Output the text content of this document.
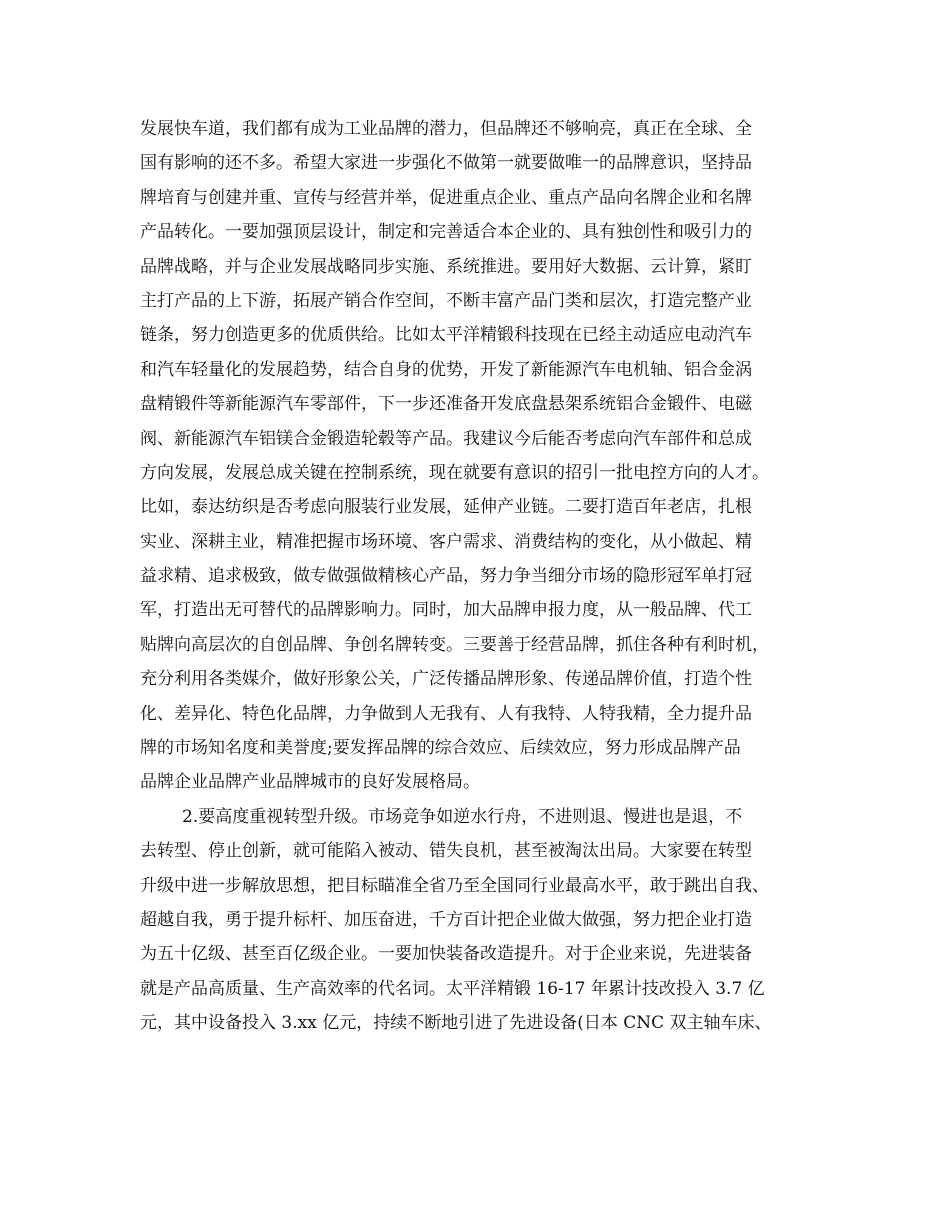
发展快车道，我们都有成为工业品牌的潜力，但品牌还不够响亮，真正在全球、全
国有影响的还不多。希望大家进一步强化不做第一就要做唯一的品牌意识，坚持品
牌培育与创建并重、宣传与经营并举，促进重点企业、重点产品向名牌企业和名牌
产品转化。一要加强顶层设计，制定和完善适合本企业的、具有独创性和吸引力的
品牌战略，并与企业发展战略同步实施、系统推进。要用好大数据、云计算，紧盯
主打产品的上下游，拓展产销合作空间，不断丰富产品门类和层次，打造完整产业
链条，努力创造更多的优质供给。比如太平洋精锻科技现在已经主动适应电动汽车
和汽车轻量化的发展趋势，结合自身的优势，开发了新能源汽车电机轴、铝合金涡
盘精锻件等新能源汽车零部件，下一步还准备开发底盘悬架系统铝合金锻件、电磁
阀、新能源汽车铝镁合金锻造轮毂等产品。我建议今后能否考虑向汽车部件和总成
方向发展，发展总成关键在控制系统，现在就要有意识的招引一批电控方向的人才。
比如，泰达纺织是否考虑向服装行业发展，延伸产业链。二要打造百年老店，扎根
实业、深耕主业，精准把握市场环境、客户需求、消费结构的变化，从小做起、精
益求精、追求极致，做专做强做精核心产品，努力争当细分市场的隐形冠军单打冠
军，打造出无可替代的品牌影响力。同时，加大品牌申报力度，从一般品牌、代工
贴牌向高层次的自创品牌、争创名牌转变。三要善于经营品牌，抓住各种有利时机，
充分利用各类媒介，做好形象公关，广泛传播品牌形象、传递品牌价值，打造个性
化、差异化、特色化品牌，力争做到人无我有、人有我特、人特我精，全力提升品
牌的市场知名度和美誉度;要发挥品牌的综合效应、后续效应，努力形成品牌产品
品牌企业品牌产业品牌城市的良好发展格局。
2.要高度重视转型升级。市场竞争如逆水行舟，不进则退、慢进也是退，不
去转型、停止创新，就可能陷入被动、错失良机，甚至被淘汰出局。大家要在转型
升级中进一步解放思想，把目标瞄准全省乃至全国同行业最高水平，敢于跳出自我、
超越自我，勇于提升标杆、加压奋进，千方百计把企业做大做强，努力把企业打造
为五十亿级、甚至百亿级企业。一要加快装备改造提升。对于企业来说，先进装备
就是产品高质量、生产高效率的代名词。太平洋精锻 16-17 年累计技改投入 3.7 亿
元，其中设备投入 3.xx 亿元，持续不断地引进了先进设备(日本 CNC 双主轴车床、
